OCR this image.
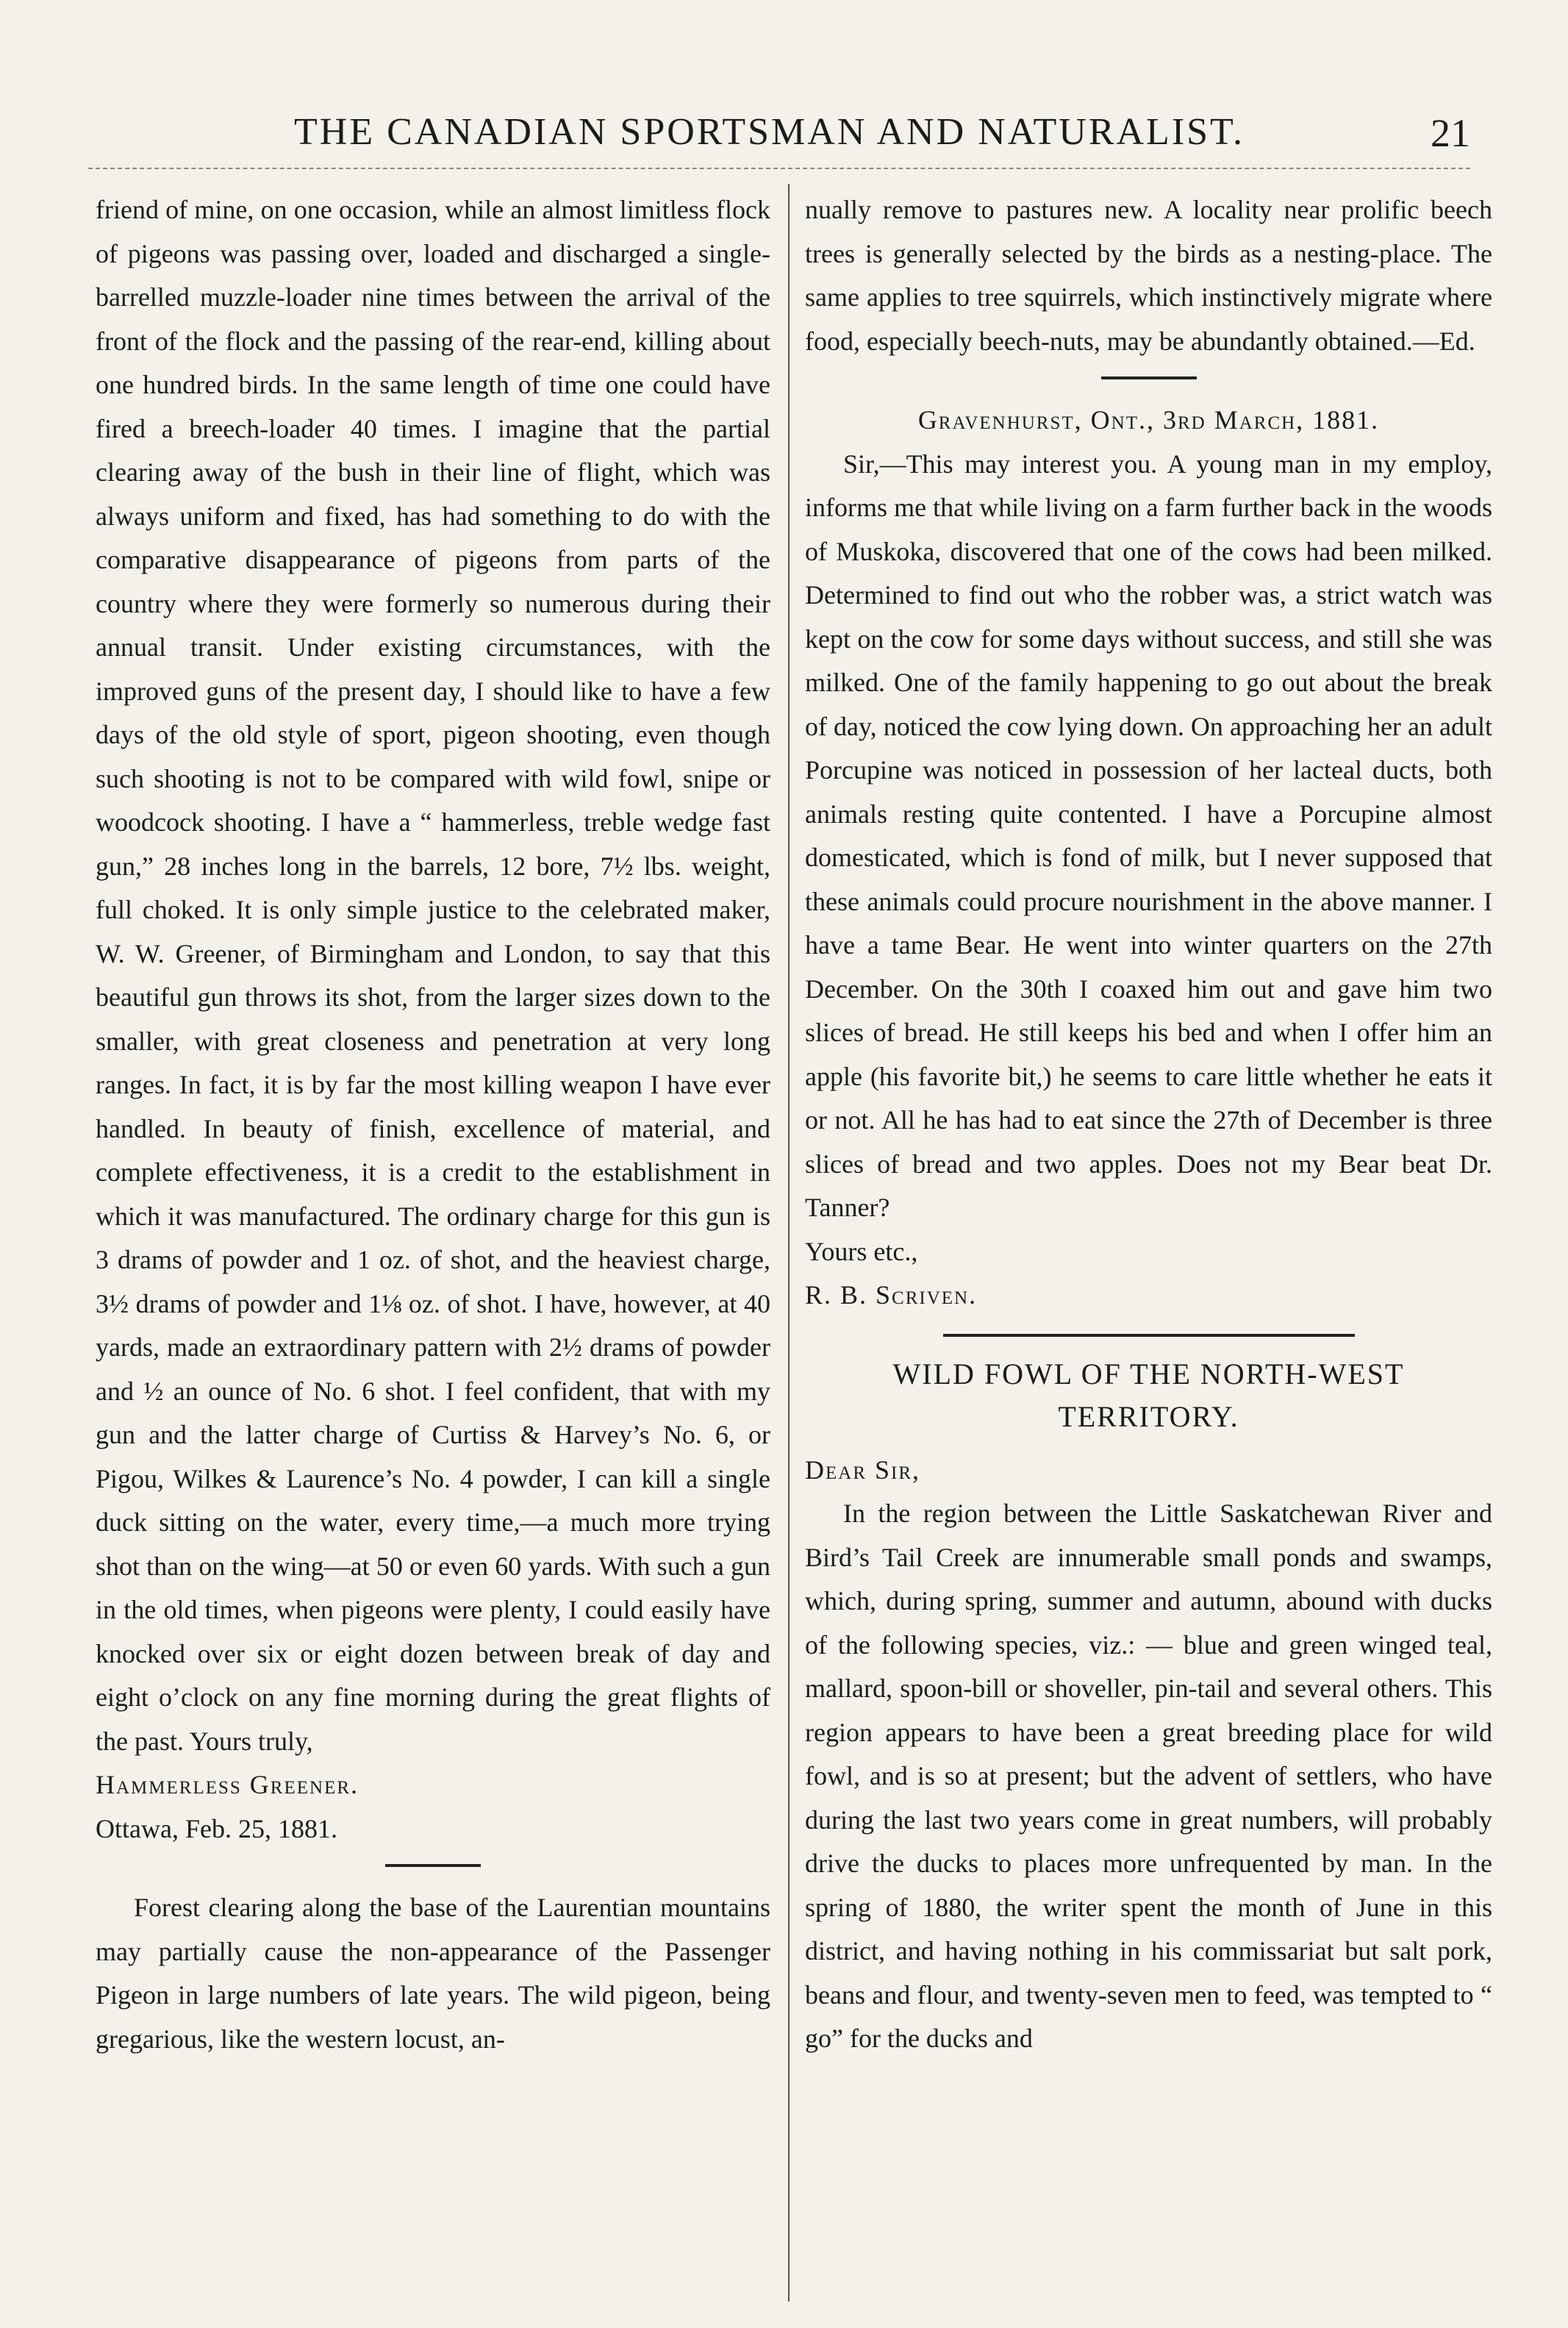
THE CANADIAN SPORTSMAN AND NATURALIST.	21

friend of mine, on one occasion, while an almost limitless flock of pigeons was passing over, loaded and discharged a single-barrelled muzzle-loader nine times between the arrival of the front of the flock and the passing of the rear-end, killing about one hundred birds. In the same length of time one could have fired a breech-loader 40 times. I imagine that the partial clearing away of the bush in their line of flight, which was always uniform and fixed, has had something to do with the comparative disappearance of pigeons from parts of the country where they were formerly so numerous during their annual transit. Under existing circumstances, with the improved guns of the present day, I should like to have a few days of the old style of sport, pigeon shooting, even though such shooting is not to be compared with wild fowl, snipe or woodcock shooting. I have a “ hammerless, treble wedge fast gun,” 28 inches long in the barrels, 12 bore, 7½ lbs. weight, full choked. It is only simple justice to the celebrated maker, W. W. Greener, of Birmingham and London, to say that this beautiful gun throws its shot, from the larger sizes down to the smaller, with great closeness and penetration at very long ranges. In fact, it is by far the most killing weapon I have ever handled. In beauty of finish, excellence of material, and complete effectiveness, it is a credit to the establishment in which it was manufactured. The ordinary charge for this gun is 3 drams of powder and 1 oz. of shot, and the heaviest charge, 3½ drams of powder and 1⅛ oz. of shot. I have, however, at 40 yards, made an extraordinary pattern with 2½ drams of powder and ½ an ounce of No. 6 shot. I feel confident, that with my gun and the latter charge of Curtiss & Harvey’s No. 6, or Pigou, Wilkes & Laurence’s No. 4 powder, I can kill a single duck sitting on the water, every time,—a much more trying shot than on the wing—at 50 or even 60 yards. With such a gun in the old times, when pigeons were plenty, I could easily have knocked over six or eight dozen between break of day and eight o’clock on any fine morning during the great flights of the past. Yours truly,

Hammerless Greener.

Ottawa, Feb. 25, 1881.

Forest clearing along the base of the Laurentian mountains may partially cause the non-appearance of the Passenger Pigeon in large numbers of late years. The wild pigeon, being gregarious, like the western locust, an-

nually remove to pastures new. A locality near prolific beech trees is generally selected by the birds as a nesting-place. The same applies to tree squirrels, which instinctively migrate where food, especially beech-nuts, may be abundantly obtained.—Ed.

Gravenhurst, Ont., 3rd March, 1881.

Sir,—This may interest you. A young man in my employ, informs me that while living on a farm further back in the woods of Muskoka, discovered that one of the cows had been milked. Determined to find out who the robber was, a strict watch was kept on the cow for some days without success, and still she was milked. One of the family happening to go out about the break of day, noticed the cow lying down. On approaching her an adult Porcupine was noticed in possession of her lacteal ducts, both animals resting quite contented. I have a Porcupine almost domesticated, which is fond of milk, but I never supposed that these animals could procure nourishment in the above manner. I have a tame Bear. He went into winter quarters on the 27th December. On the 30th I coaxed him out and gave him two slices of bread. He still keeps his bed and when I offer him an apple (his favorite bit,) he seems to care little whether he eats it or not. All he has had to eat since the 27th of December is three slices of bread and two apples. Does not my Bear beat Dr. Tanner?

Yours etc.,

R. B. Scriven.

WILD FOWL OF THE NORTH-WEST
TERRITORY.

Dear Sir,

In the region between the Little Saskatchewan River and Bird’s Tail Creek are innumerable small ponds and swamps, which, during spring, summer and autumn, abound with ducks of the following species, viz.: — blue and green winged teal, mallard, spoon-bill or shoveller, pin-tail and several others. This region appears to have been a great breeding place for wild fowl, and is so at present; but the advent of settlers, who have during the last two years come in great numbers, will probably drive the ducks to places more unfrequented by man. In the spring of 1880, the writer spent the month of June in this district, and having nothing in his commissariat but salt pork, beans and flour, and twenty-seven men to feed, was tempted to “ go” for the ducks and
